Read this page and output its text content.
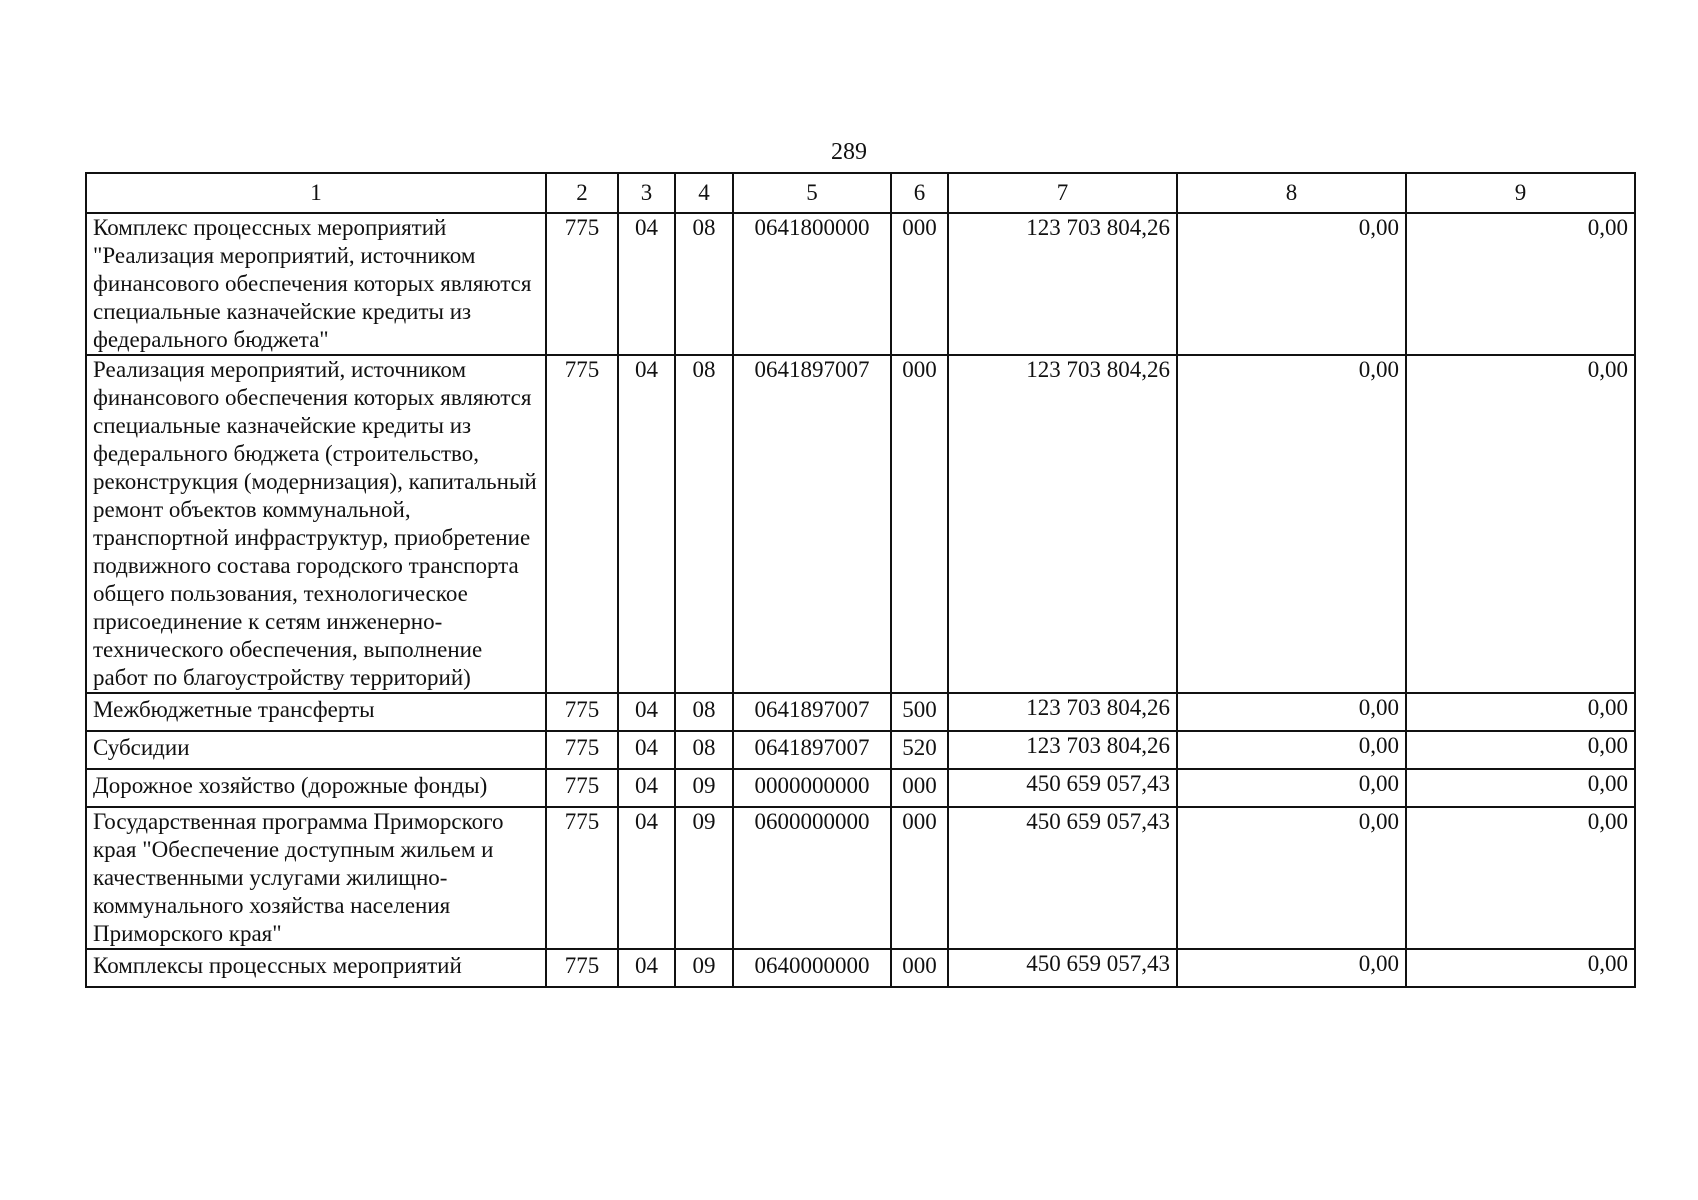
289
1	2	3	4	5	6	7	8	9
Комплекс процессных мероприятий "Реализация мероприятий, источником финансового обеспечения которых являются специальные казначейские кредиты из федерального бюджета"	775	04	08	0641800000	000	123 703 804,26	0,00	0,00
Реализация мероприятий, источником финансового обеспечения которых являются специальные казначейские кредиты из федерального бюджета (строительство, реконструкция (модернизация), капитальный ремонт объектов коммунальной, транспортной инфраструктур, приобретение подвижного состава городского транспорта общего пользования, технологическое присоединение к сетям инженерно-технического обеспечения, выполнение работ по благоустройству территорий)	775	04	08	0641897007	000	123 703 804,26	0,00	0,00
Межбюджетные трансферты	775	04	08	0641897007	500	123 703 804,26	0,00	0,00
Субсидии	775	04	08	0641897007	520	123 703 804,26	0,00	0,00
Дорожное хозяйство (дорожные фонды)	775	04	09	0000000000	000	450 659 057,43	0,00	0,00
Государственная программа Приморского края "Обеспечение доступным жильем и качественными услугами жилищно-коммунального хозяйства населения Приморского края"	775	04	09	0600000000	000	450 659 057,43	0,00	0,00
Комплексы процессных мероприятий	775	04	09	0640000000	000	450 659 057,43	0,00	0,00
